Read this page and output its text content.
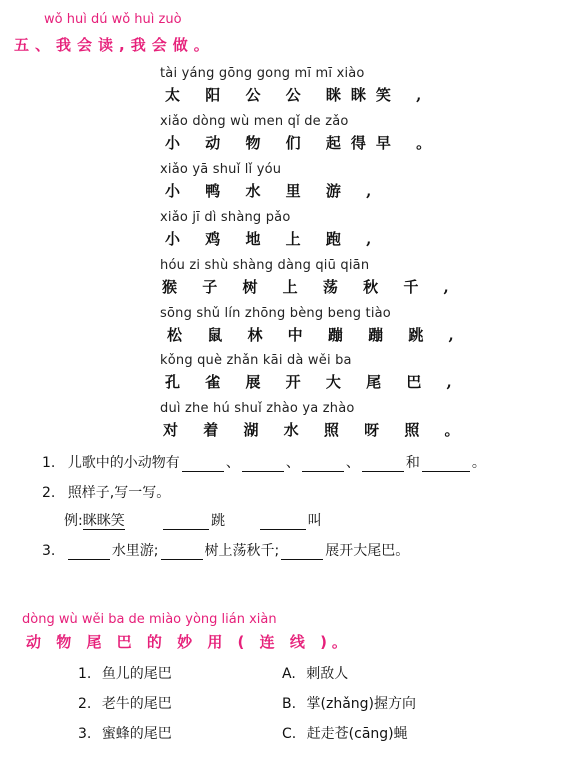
wǒ huì dú wǒ huì zuò
五、我会读,我会做。
tài yáng gōng gong mī mī xiào
太 阳 公 公 眯眯笑 ,
xiǎo dòng wù men qǐ de zǎo
小 动 物 们 起得早 。
xiǎo yā shuǐ lǐ yóu
小 鸭 水 里 游 ,
xiǎo jī dì shàng pǎo
小 鸡 地 上 跑 ,
hóu zi shù shàng dàng qiū qiān
猴 子 树 上 荡 秋 千 ,
sōng shǔ lín zhōng bèng beng tiào
松 鼠 林 中 蹦 蹦 跳 ,
kǒng què zhǎn kāi dà wěi ba
孔 雀 展 开 大 尾 巴 ,
duì zhe hú shuǐ zhào ya zhào
对 着 湖 水 照 呀 照 。
1. 儿歌中的小动物有	、	、	、	和	。
2. 照样子,写一写。
例:眯眯笑	跳	叫
3.	水里游;	树上荡秋千;	展开大尾巴。
dòng wù wěi ba de miào yòng lián xiàn
动 物 尾 巴 的 妙 用 ( 连 线 )。
1. 鱼儿的尾巴
2. 老牛的尾巴
3. 蜜蜂的尾巴
A. 刺敌人
B. 掌(zhǎng)握方向
C. 赶走苍(cāng)蝇
